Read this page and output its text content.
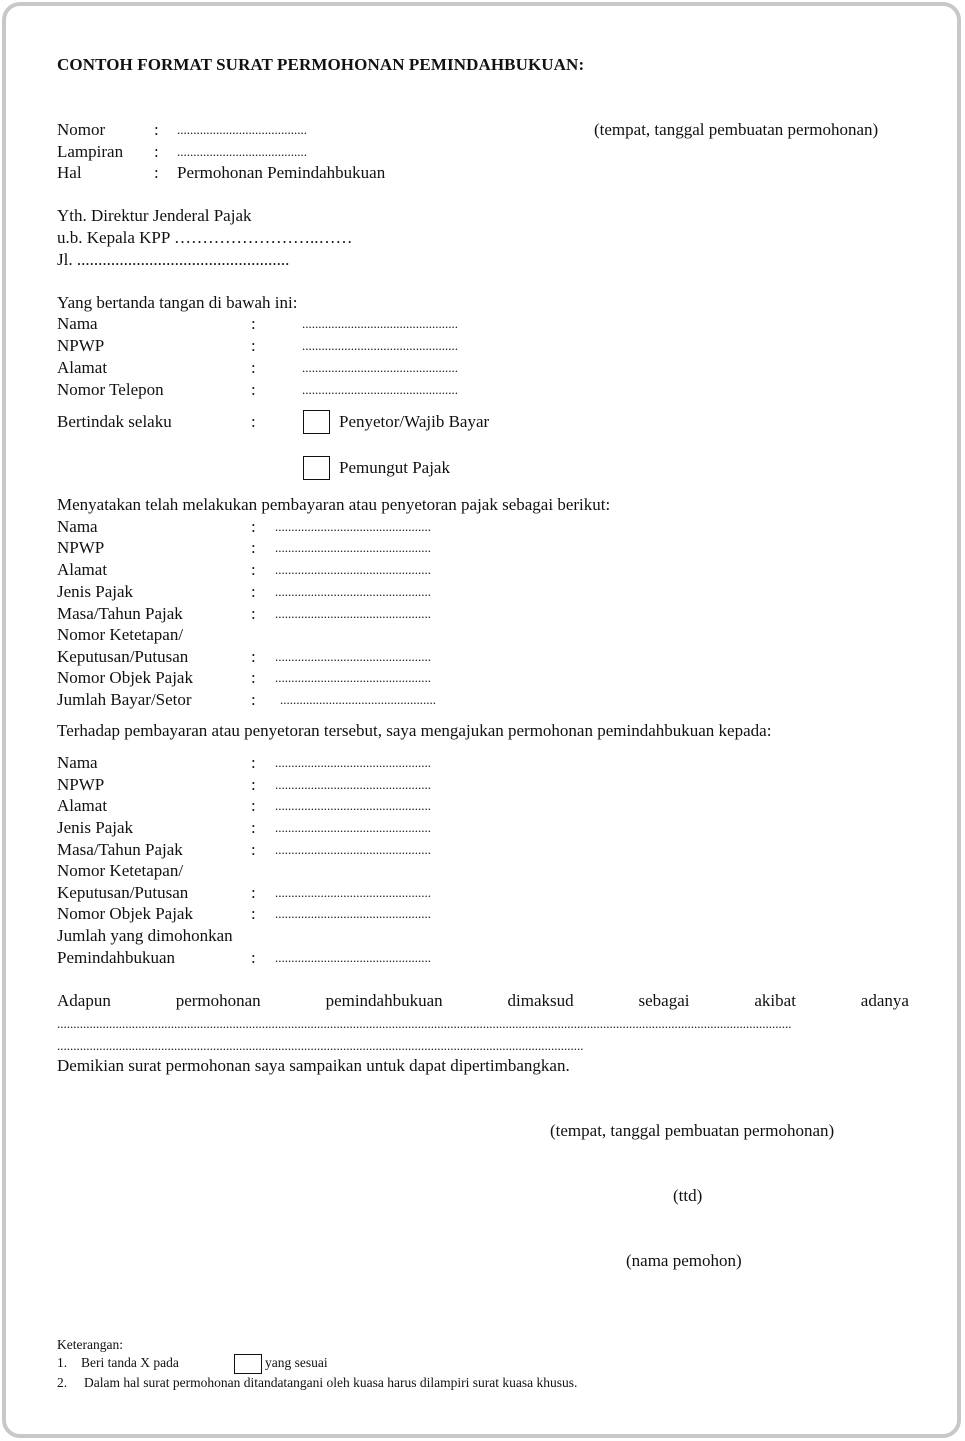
CONTOH FORMAT SURAT PERMOHONAN PEMINDAHBUKUAN:
Nomor	: ........................................
Lampiran : ........................................
Hal	: Permohonan Pemindahbukuan
(tempat, tanggal pembuatan permohonan)
Yth. Direktur Jenderal Pajak
u.b. Kepala KPP ……………………..……
Jl. ..................................................
Yang bertanda tangan di bawah ini:
Nama	:	................................................
NPWP	:	................................................
Alamat	:	................................................
Nomor Telepon	:	................................................
Bertindak selaku	:	Penyetor/Wajib Bayar
Pemungut Pajak
Menyatakan telah melakukan pembayaran atau penyetoran pajak sebagai berikut:
Nama	: ................................................
NPWP	: ................................................
Alamat	: ................................................
Jenis Pajak	: ................................................
Masa/Tahun Pajak	: ................................................
Nomor Ketetapan/
Keputusan/Putusan	: ................................................
Nomor Objek Pajak	: ................................................
Jumlah Bayar/Setor	: ................................................
Terhadap pembayaran atau penyetoran tersebut, saya mengajukan permohonan pemindahbukuan kepada:
Nama	: ................................................
NPWP	: ................................................
Alamat	: ................................................
Jenis Pajak	: ................................................
Masa/Tahun Pajak	: ................................................
Nomor Ketetapan/
Keputusan/Putusan	: ................................................
Nomor Objek Pajak	: ................................................
Jumlah yang dimohonkan
Pemindahbukuan	: ................................................
Adapun	permohonan	pemindahbukuan	dimaksud	sebagai	akibat	adanya
..................................................................................................................................................................................................................................
..................................................................................................................................................................
Demikian surat permohonan saya sampaikan untuk dapat dipertimbangkan.
(tempat, tanggal pembuatan permohonan)
(ttd)
(nama pemohon)
Keterangan:
1. Beri tanda X pada	yang sesuai
2. Dalam hal surat permohonan ditandatangani oleh kuasa harus dilampiri surat kuasa khusus.
